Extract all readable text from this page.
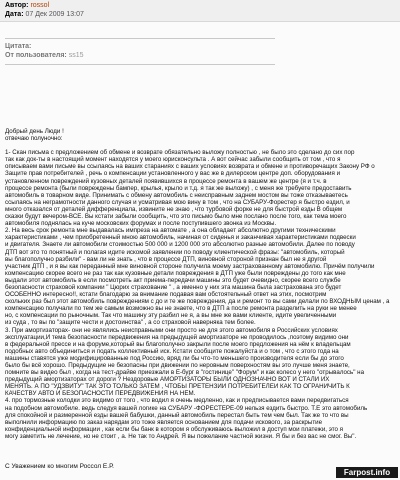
Автор: rossol
Дата: 07 Дек 2009 13:07
Цитата:
От пользователя: ss15
Добрый день Люди !
отвечаю полуночно:
1- Скан письма с предложением об обмене и возврате обязательно выложу полностью , не было это сделано до сих пор
так как док-ты в настоящий момент находятся у моего юрисконсульта . А вот сейчас забыли сообщить от том , что я
описываем вами письме вы ссылаясь на ваших стараниях с ваших условиях возврата и обмене и противоречащих Закону РФ о
Защите прав потребителей , речь о компенсации установленного у вас же в дилерском центре доп. оборудования и
установленном повреждений кузовных деталей появившихся в процессе ремонта в вашем же центре (я и т.ч. в
процессе ремонта (были повреждены бампер, крылья, крыло и т.д. я так же выложу) , с меня же требуете предоставить
автомобиль в товарном виде. Принимать с обмену автомобиль с неисправным заднем мостом вы тоже отказываетесь
ссылаясь на неграмотности данного случая и усматривая мою вину в том , что на СУБАРУ-Форестер я быстро ездил, и
много отказался от деталей дифференциала, извините не знаю , что турбовой форке не для быстрой езды В общем
сказки будут вечером-ВСЕ. Вы кстати забыли сообщить, что это письмо было мне послано после того, как тема моего
автомобиля поднялась на куче московских форумах и после поступившего звонка из Москвы.
2. На весь срок ремонта мне выдавалась импреза на автомате , а она обладает абсолютно другими техническими
характеристиками , чем приобретенный мною автомобиль, начиная от сиденья и заканчивая характеристиками подвески
и двигателя. Знаете ли автомобили стоимостью 500 000 и 1200 000 это абсолютно разные автомобили. Далее по поводу
ДТП вот это то понятный и полагая идите искомой заявлении по поводу клиентической фразы: "автомобиль, который
вы благополучно разбили" - вам ли не знать , что в процессе ДТП, виновной стороной признан был не я другой
участник ДТП , и я вы как переданный мне виновной стороне получила моему застрахованному автомобилю. Причём получили
компенсацию скорее всего не раз так как кузовные детали повреждения в ДТП уже были повреждены до того как мне
выдали этот автомобиль в если посмотреть акт приема-передачи машины это будет очевидно, скорее всего службе
безопасности страховой компании " Цюрих страхование " , а именно у них эта машина была застрахована это будет
ОСОБЕННО интересно!!, кстати благодарю за внимание подавая вам обстоятельный ответ на этих, посмотрим
скольких раз был этот автомобиль повреждениям с до и те же повреждения, да и ремонт то вы сами делали по ВХОДНЫМ ценам , а
компенсацию получали по тем же самым возможно вы не знаете, что в ДТП а после ремонта разделить на руки не менее
но, с компенсации по рыночным. Так что машину эту разбил не я, а вы мне же вами клиенте, идите увеличенными
из суда , то вы по "защите чести и достоинства" , а со страховой наверняка тем более.
3. При амортизаторах- они не являлись неисправными они просто не для этого автомобиля в Российских условиях
эксплуатации,И тема безопасности передвижения на предыдущей амортизаторе не проводилось ,поэтому видимо они
в федеральной прессе и на форуме,который вы благополучно закрыли после моего предложения на нём к владельцам
подобных авто объединиться и подать коллективный иск. Кстати сообщите пожалуйста и о том , что с этого года на
машины ставятся уже модифицированные под Россию, вряд ли бы что-то меньшего производителя если бы до этого
было бы всё хорошо. Предыдущие не безопасны при движении по неровным поверхностям вы это лучше меня знаете,
помните вы видео был , когда на тест-драйве приезжали в Ё-бург в "гостинице" "Форум" и как колесо у него "отрывалось" на
предыдущий амортизаторах от дороги ? Нездоровые АМОРТИЗАТОРЫ БЫЛИ ОДНОЗНАЧНО ВОТ И СТАЛИ ИХ
МЕНЯТЬ. А ПО "УДЗВИТУ" ТАК ЭТО ТОЛЬКО ЗАТЕМ , ЧТОБЫ ПРЕТЕНЗИИ ПОТРЕБИТЕЛЕЙ КАК ТО ОГРАНИЧИТЬ К
КАЧЕСТВУ АВТО И БЕЗОПАСНОСТИ ПЕРЕДВИЖЕНИЯ НА НЁМ.
4. про тормозные колодки это видимо от того , что водил я очень медленно, как и предписывается вами передвигаться
на подобном автомобиле. ведь следуя вашей логике на СУБАРУ -ФОРЕСТЕРЕ-09 нельзя ездить быстро. Т.Е это автомобиль
для спокойной и размеренной езды вашей бабушки, данный автомобиль перестал быть тем чем был. Так же то что вы
выполнили информацию по заказ нарядам это тоже является основанием для подачи искового, за раскрытие
конфиденциальной информации , как если бы банк в котором я обслуживаюсь выложил в доступ мои платежи, это я
могу заметить не лечение, но не стоит , а. Не так то Андрей. Я вы пожелание частной жизни. Я бы и без вас не смог. Вы".
С Уважением ко многим Россол Е.Р.
Farpost.info
